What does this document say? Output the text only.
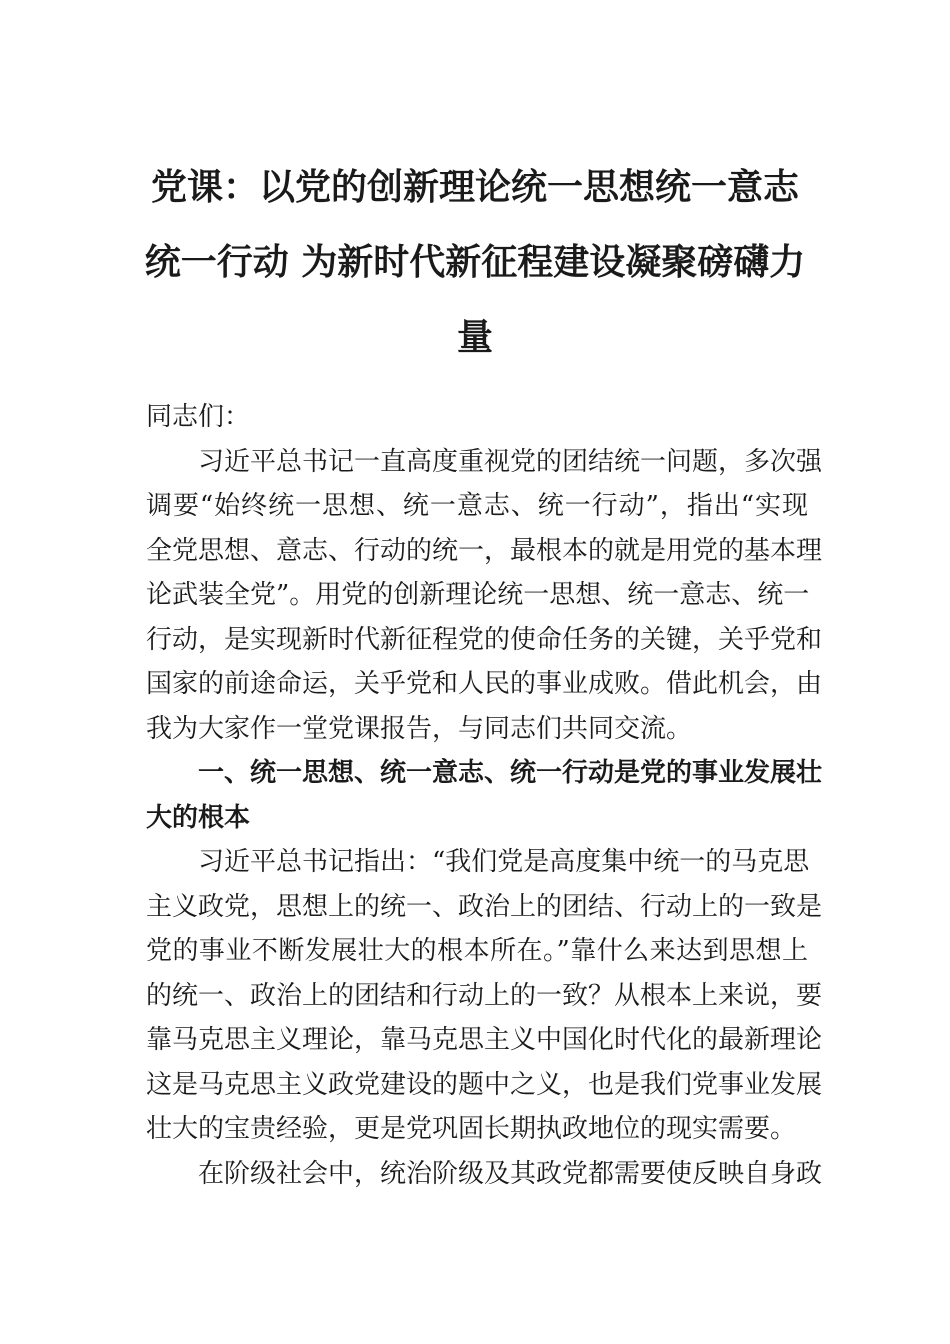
党课：以党的创新理论统一思想统一意志
统一行动 为新时代新征程建设凝聚磅礴力
量
同志们：
习近平总书记一直高度重视党的团结统一问题，多次强
调要“始终统一思想、统一意志、统一行动”，指出“实现
全党思想、意志、行动的统一，最根本的就是用党的基本理
论武装全党”。用党的创新理论统一思想、统一意志、统一
行动，是实现新时代新征程党的使命任务的关键，关乎党和
国家的前途命运，关乎党和人民的事业成败。借此机会，由
我为大家作一堂党课报告，与同志们共同交流。
一、统一思想、统一意志、统一行动是党的事业发展壮
大的根本
习近平总书记指出：“我们党是高度集中统一的马克思
主义政党，思想上的统一、政治上的团结、行动上的一致是
党的事业不断发展壮大的根本所在。”靠什么来达到思想上
的统一、政治上的团结和行动上的一致？从根本上来说，要
靠马克思主义理论，靠马克思主义中国化时代化的最新理论
这是马克思主义政党建设的题中之义，也是我们党事业发展
壮大的宝贵经验，更是党巩固长期执政地位的现实需要。
在阶级社会中，统治阶级及其政党都需要使反映自身政
